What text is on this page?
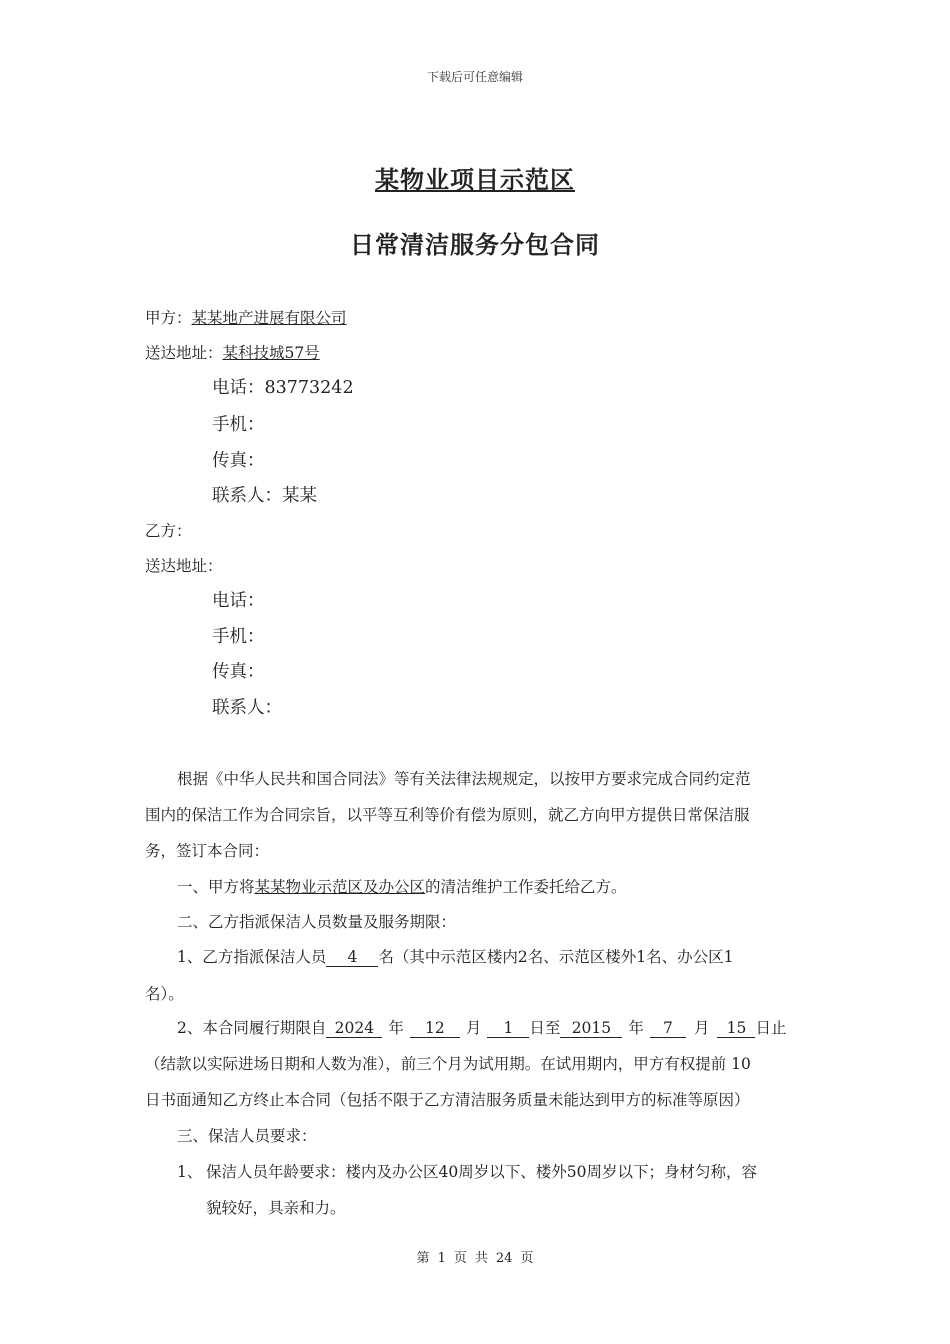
下载后可任意编辑
某物业项目示范区
日常清洁服务分包合同
甲方：某某地产进展有限公司
送达地址：某科技城57号
电话：83773242
手机：
传真：
联系人：某某
乙方：
送达地址：
电话：
手机：
传真：
联系人：
根据《中华人民共和国合同法》等有关法律法规规定，以按甲方要求完成合同约定范
围内的保洁工作为合同宗旨，以平等互利等价有偿为原则，就乙方向甲方提供日常保洁服
务，签订本合同：
一、甲方将某某物业示范区及办公区的清洁维护工作委托给乙方。
二、乙方指派保洁人员数量及服务期限：
1、乙方指派保洁人员 4 名（其中示范区楼内2名、示范区楼外1名、办公区1
名）。
2、本合同履行期限自 2024 年 12 月 1 日至 2015 年 7 月 15 日止
（结款以实际进场日期和人数为准），前三个月为试用期。在试用期内，甲方有权提前 10
日书面通知乙方终止本合同（包括不限于乙方清洁服务质量未能达到甲方的标准等原因）
三、保洁人员要求：
1、 保洁人员年龄要求：楼内及办公区40周岁以下、楼外50周岁以下；身材匀称，容
貌较好，具亲和力。
第 1 页 共 24 页
